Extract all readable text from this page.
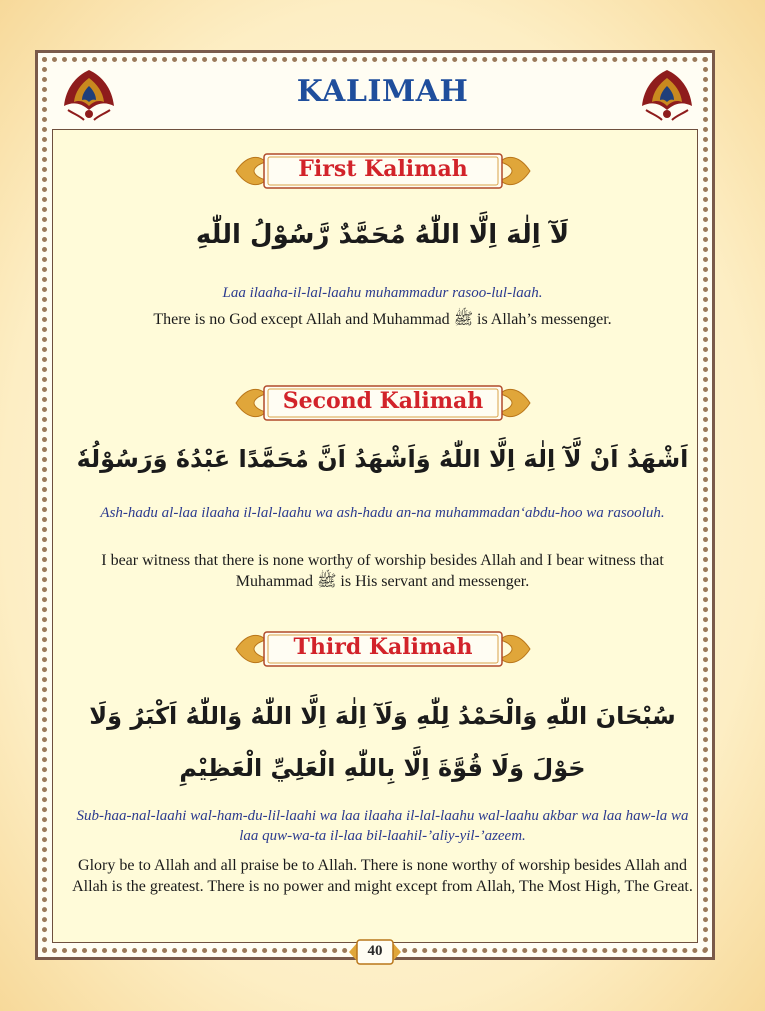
KALIMAH
First Kalimah
لَآ اِلٰهَ اِلَّا اللّٰهُ مُحَمَّدٌ رَّسُوْلُ اللّٰهِ
Laa ilaaha-il-lal-laahu muhammadur rasoo-lul-laah.
There is no God except Allah and Muhammad ﷺ is Allah’s messenger.
Second Kalimah
اَشْهَدُ اَنْ لَّآ اِلٰهَ اِلَّا اللّٰهُ وَاَشْهَدُ اَنَّ مُحَمَّدًا عَبْدُهٗ وَرَسُوْلُهٗ
Ash-hadu al-laa ilaaha il-lal-laahu wa ash-hadu an-na muhammadan‘abdu-hoo wa rasooluh.
I bear witness that there is none worthy of worship besides Allah and I bear witness that Muhammad ﷺ is His servant and messenger.
Third Kalimah
سُبْحَانَ اللّٰهِ وَالْحَمْدُ لِلّٰهِ وَلَآ اِلٰهَ اِلَّا اللّٰهُ وَاللّٰهُ اَكْبَرُ وَلَا حَوْلَ وَلَا قُوَّةَ اِلَّا بِاللّٰهِ الْعَلِيِّ الْعَظِيْمِ
Sub-haa-nal-laahi wal-ham-du-lil-laahi wa laa ilaaha il-lal-laahu wal-laahu akbar wa laa haw-la wa laa quw-wa-ta il-laa bil-laahil-’aliy-yil-’azeem.
Glory be to Allah and all praise be to Allah. There is none worthy of worship besides Allah and Allah is the greatest. There is no power and might except from Allah, The Most High, The Great.
40
